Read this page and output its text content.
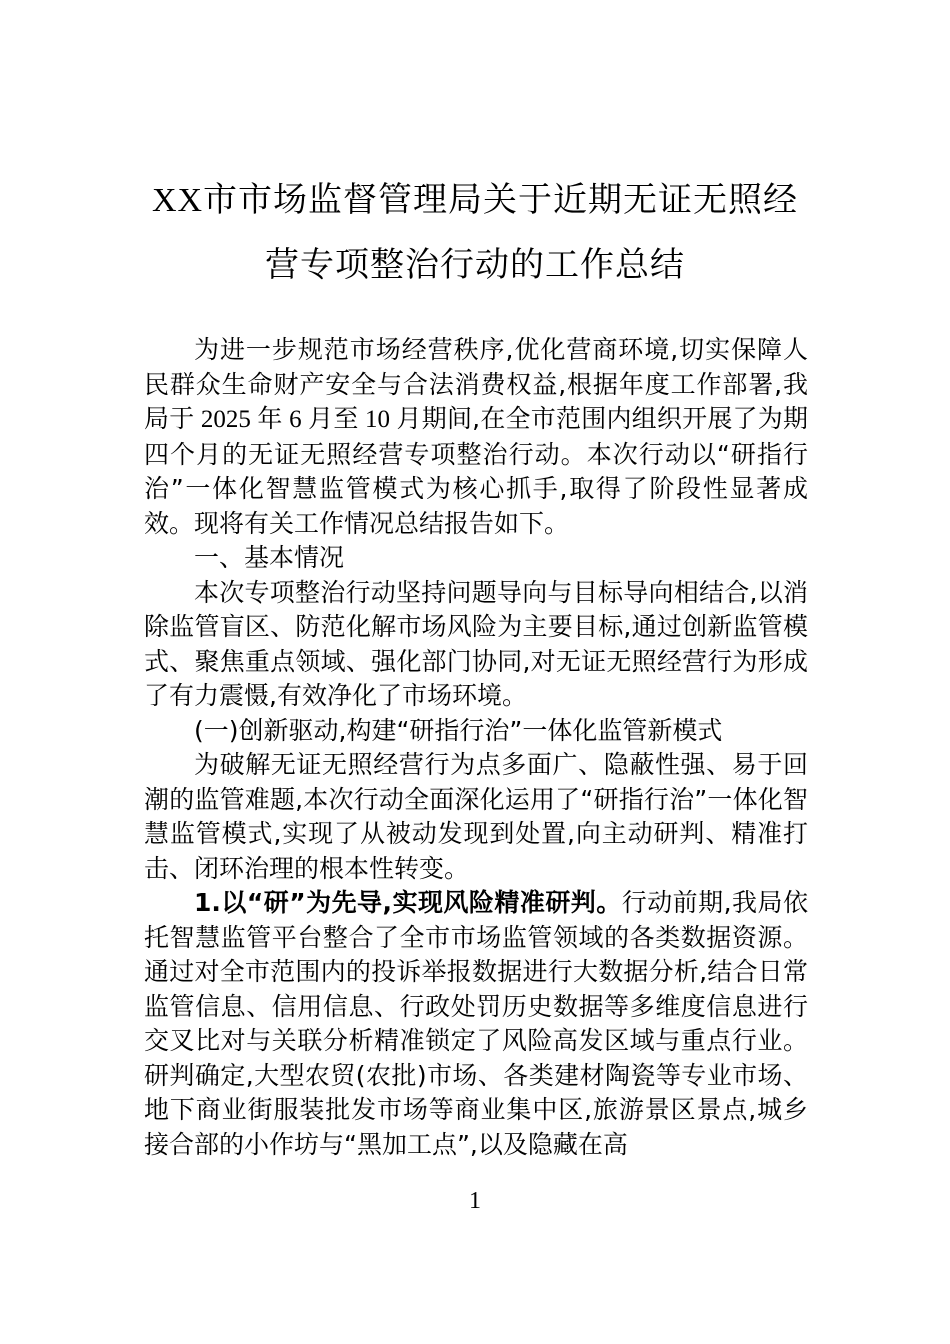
XX市市场监督管理局关于近期无证无照经
营专项整治行动的工作总结

为进一步规范市场经营秩序,优化营商环境,切实保障人民群众生命财产安全与合法消费权益,根据年度工作部署,我局于 2025 年 6 月至 10 月期间,在全市范围内组织开展了为期四个月的无证无照经营专项整治行动。本次行动以“研指行治”一体化智慧监管模式为核心抓手,取得了阶段性显著成效。现将有关工作情况总结报告如下。

一、基本情况

本次专项整治行动坚持问题导向与目标导向相结合,以消除监管盲区、防范化解市场风险为主要目标,通过创新监管模式、聚焦重点领域、强化部门协同,对无证无照经营行为形成了有力震慑,有效净化了市场环境。

(一)创新驱动,构建“研指行治”一体化监管新模式

为破解无证无照经营行为点多面广、隐蔽性强、易于回潮的监管难题,本次行动全面深化运用了“研指行治”一体化智慧监管模式,实现了从被动发现到处置,向主动研判、精准打击、闭环治理的根本性转变。

1.以“研”为先导,实现风险精准研判。行动前期,我局依托智慧监管平台整合了全市市场监管领域的各类数据资源。通过对全市范围内的投诉举报数据进行大数据分析,结合日常监管信息、信用信息、行政处罚历史数据等多维度信息进行交叉比对与关联分析精准锁定了风险高发区域与重点行业。研判确定,大型农贸(农批)市场、各类建材陶瓷等专业市场、地下商业街服装批发市场等商业集中区,旅游景区景点,城乡接合部的小作坊与“黑加工点”,以及隐藏在高

1
